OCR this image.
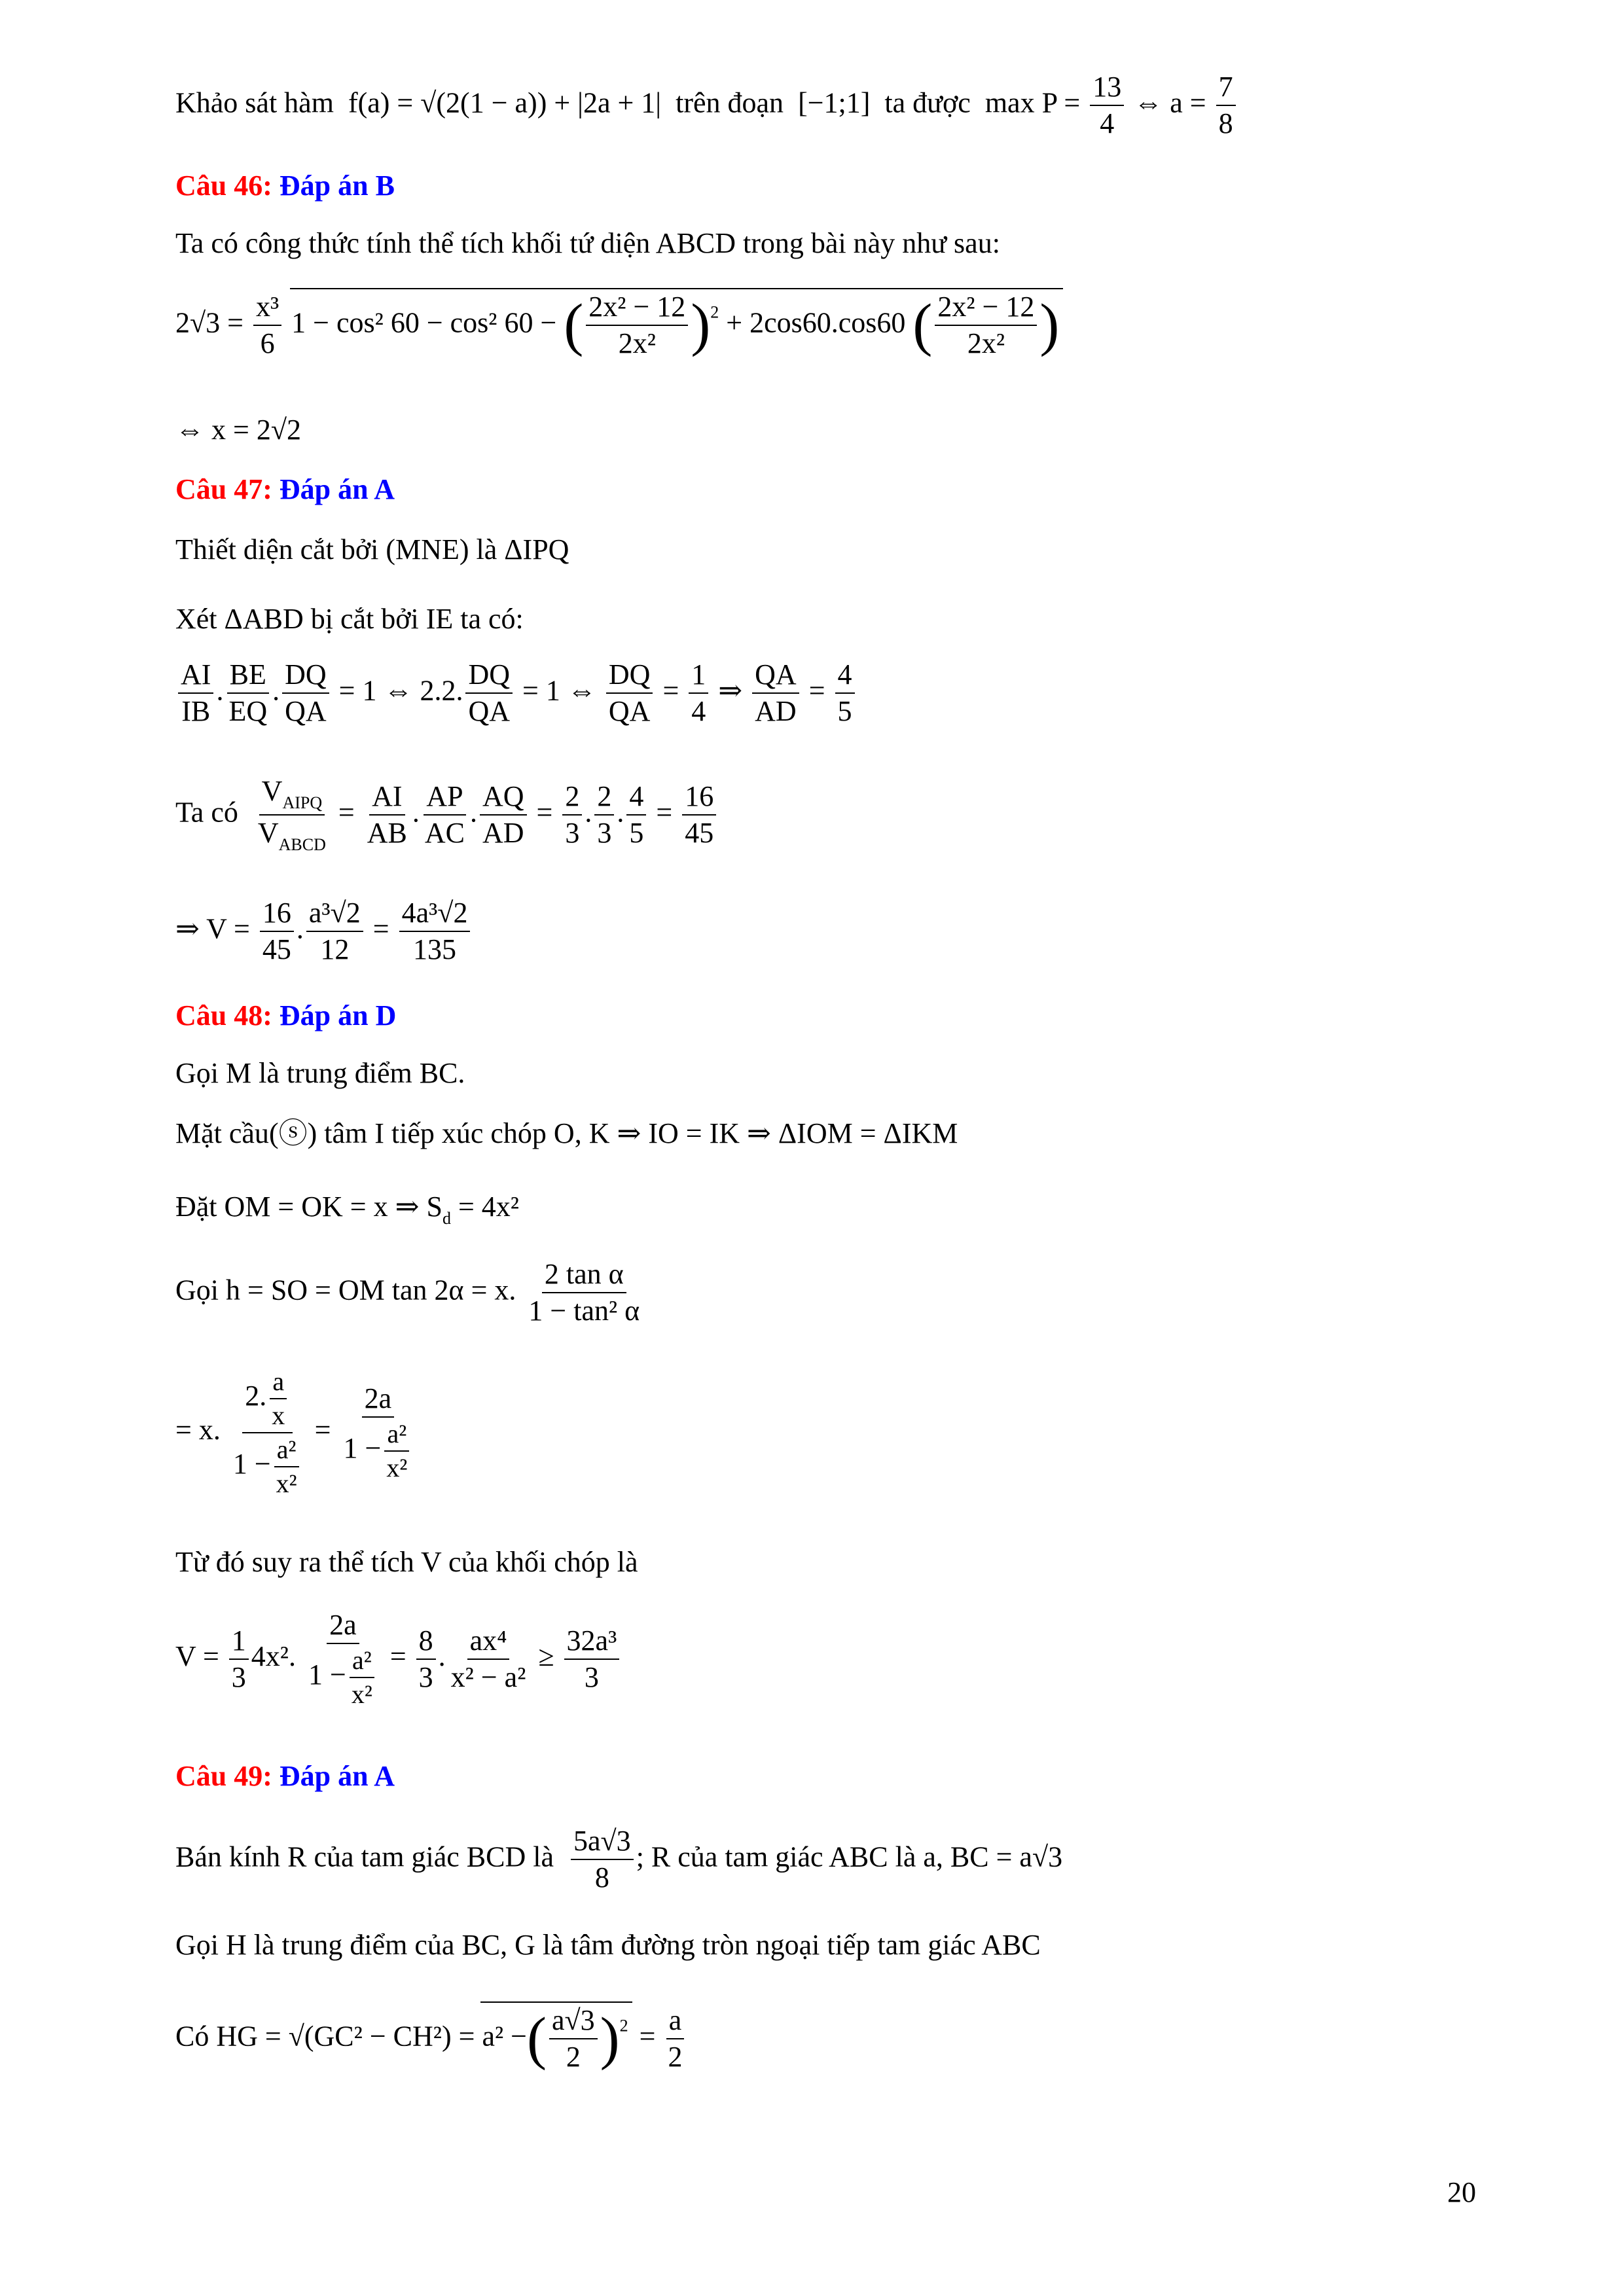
Khảo sát hàm f(a) = √(2(1 − a)) + |2a + 1| trên đoạn [−1;1] ta được $\max P = \frac{13}{4}$ ⇔ $a = \frac{7}{8}$
Câu 46: Đáp án B
Ta có công thức tính thể tích khối tứ diện ABCD trong bài này như sau:
$2√3 = \frac{\text{x³}}{6} 1 - \cos^2$ 60 − cos² 60 − ( $\frac{\text{2x² − 12}}{\text{2x²}} )^2 + 2\cos 60.\cos 60$ ( $\frac{\text{2x² − 12}}{\text{2x²}}$ )
⇔ x = 2√2
Câu 47: Đáp án A
Thiết diện cắt bởi (MNE) là ΔIPQ
Xét ΔABD bị cắt bởi IE ta có:
$\frac{AI}{IB}$ . $\frac{BE}{EQ}$ . $\frac{DQ}{QA} = 1$ ⇔ 2.2. $\frac{DQ}{QA} = 1$ ⇔ $\frac{DQ}{QA} = \frac{1}{4}$ ⇒ $\frac{QA}{AD} = \frac{4}{5}$
Ta có $\frac{V_{AIPQ}}{V_{ABCD}} = \frac{AI}{AB}$ . $\frac{AP}{AC}$ . $\frac{AQ}{AD} = \frac{2}{3}$ . $\frac{2}{3}$ . $\frac{4}{5} = \frac{16}{45}$
⇒ $V = \frac{16}{45}$ . $\frac{\text{a³√2}}{12} = \frac{\text{4a³√2}}{135}$
Câu 48: Đáp án D
Gọi M là trung điểm BC.
Mặt cầu(ⓢ) tâm I tiếp xúc chóp O, K ⇒ IO = IK ⇒ ΔIOM = ΔIKM
Đặt OM = OK = x ⇒ $S_d = 4x^2$
Gọi h = SO = OM tan 2α = x. $\frac{\text{2 tan α}}{\text{1 − tan² α}}$
= x. $\frac{2. \frac{a}{x}}{1 - \frac{\text{a²}}{\text{x²}}} = \frac{2a}{1 - \frac{\text{a²}}{\text{x²}}}$
Từ đó suy ra thể tích V của khối chóp là
$V = \frac{1}{3} 4x^2$. $\frac{2a}{1 - \frac{\text{a²}}{\text{x²}}} = \frac{8}{3}$ . $\frac{\text{ax⁴}}{\text{x² − a²}} \ge \frac{\text{32a³}}{3}$
Câu 49: Đáp án A
Bán kính R của tam giác BCD là $\frac{5a√3}{8}$ ; R của tam giác ABC là a, BC = a√3
Gọi H là trung điểm của BC, G là tâm đường tròn ngoại tiếp tam giác ABC
Có HG = √(GC² − CH²) = a² −( $\frac{a√3}{2} )^2 = \frac{a}{2}$
20
